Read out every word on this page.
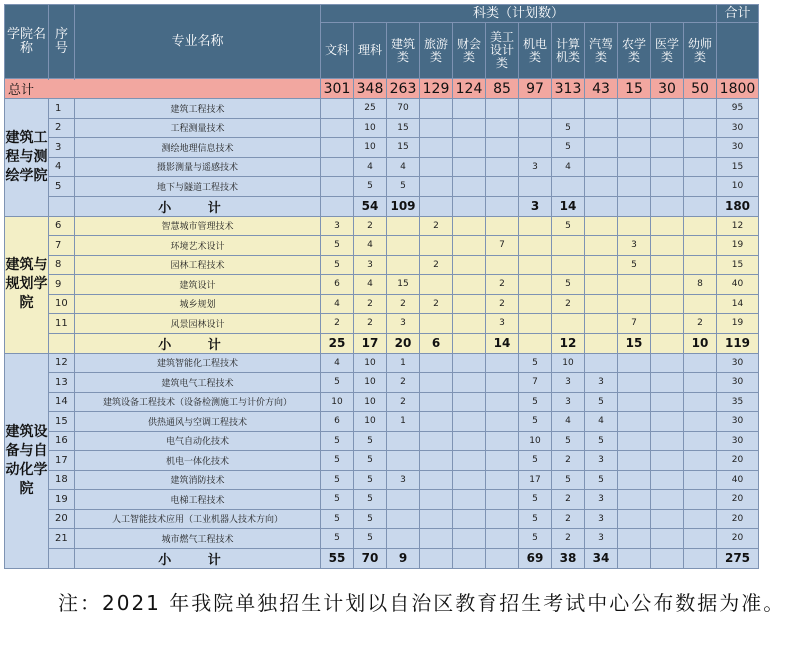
学院名称	序号	专业名称	科类（计划数）												合计
			文科	理科	建筑类	旅游类	财会类	美工设计类	机电类	计算机类	汽驾类	农学类	医学类	幼师类	

总计			301	348	263	129	124	85	97	313	43	15	30	50	1800
建筑工程与测绘学院	1	建筑工程技术		25	70										95
	2	工程测量技术		10	15					5					30
	3	测绘地理信息技术		10	15					5					30
	4	摄影测量与遥感技术		4	4				3	4					15
	5	地下与隧道工程技术		5	5										10
		小 计		54	109				3	14					180
建筑与规划学院	6	智慧城市管理技术	3	2		2				5					12
	7	环境艺术设计	5	4				7				3			19
	8	园林工程技术	5	3		2						5			15
	9	建筑设计	6	4	15			2		5				8	40
	10	城乡规划	4	2	2	2		2		2					14
	11	风景园林设计	2	2	3			3				7		2	19
		小 计	25	17	20	6		14		12		15		10	119
建筑设备与自动化学院	12	建筑智能化工程技术	4	10	1				5	10					30
	13	建筑电气工程技术	5	10	2				7	3	3				30
	14	建筑设备工程技术（设备检测施工与计价方向）	10	10	2				5	3	5				35
	15	供热通风与空调工程技术	6	10	1				5	4	4				30
	16	电气自动化技术	5	5					10	5	5				30
	17	机电一体化技术	5	5					5	2	3				20
	18	建筑消防技术	5	5	3				17	5	5				40
	19	电梯工程技术	5	5					5	2	3				20
	20	人工智能技术应用（工业机器人技术方向）	5	5					5	2	3				20
	21	城市燃气工程技术	5	5					5	2	3				20
		小 计	55	70	9				69	38	34				275
注：2021 年我院单独招生计划以自治区教育招生考试中心公布数据为准。
